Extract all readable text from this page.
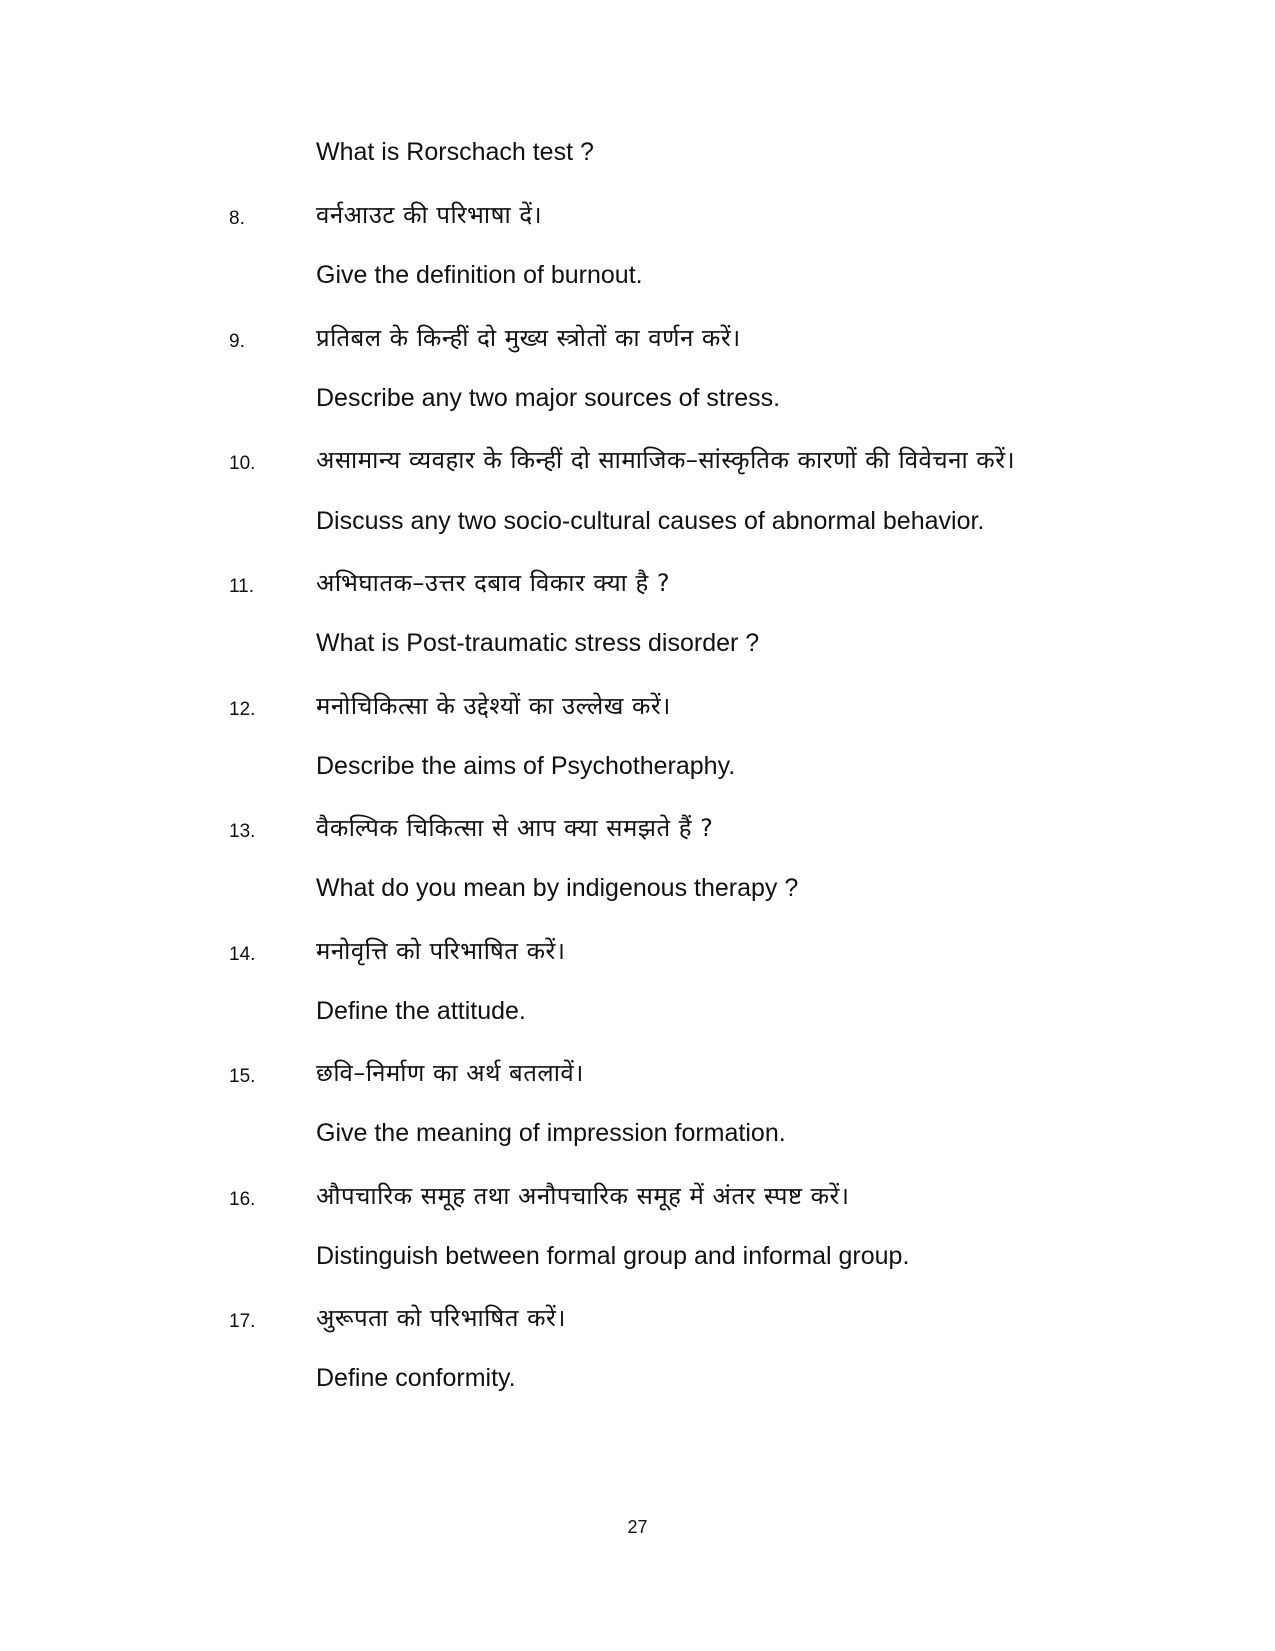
What is Rorschach test ?
8.	वर्नआउट की परिभाषा दें।
Give the definition of burnout.
9.	प्रतिबल के किन्हीं दो मुख्य स्त्रोतों का वर्णन करें।
Describe any two major sources of stress.
10.	असामान्य व्यवहार के किन्हीं दो सामाजिक–सांस्कृतिक कारणों की विवेचना करें।
Discuss any two socio-cultural causes of abnormal behavior.
11.	अभिघातक–उत्तर दबाव विकार क्या है ?
What is Post-traumatic stress disorder ?
12.	मनोचिकित्सा के उद्देश्यों का उल्लेख करें।
Describe the aims of Psychotheraphy.
13.	वैकल्पिक चिकित्सा से आप क्या समझते हैं ?
What do you mean by indigenous therapy ?
14.	मनोवृत्ति को परिभाषित करें।
Define the attitude.
15.	छवि–निर्माण का अर्थ बतलावें।
Give the meaning of impression formation.
16.	औपचारिक समूह तथा अनौपचारिक समूह में अंतर स्पष्ट करें।
Distinguish between formal group and informal group.
17.	अुरूपता को परिभाषित करें।
Define conformity.
27
